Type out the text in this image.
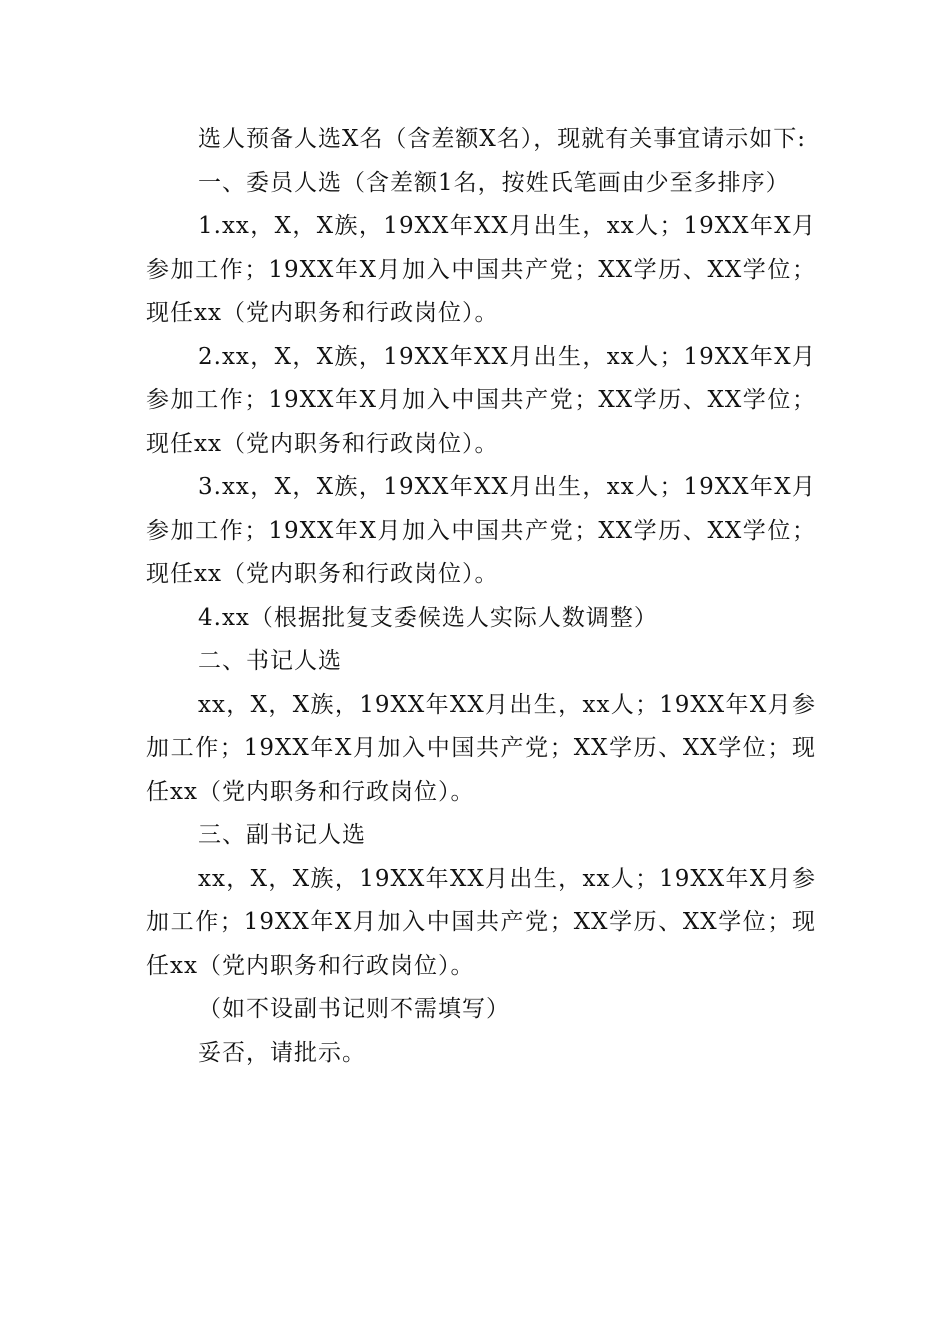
选人预备人选X名（含差额X名），现就有关事宜请示如下:

一、委员人选（含差额1名，按姓氏笔画由少至多排序）

1.xx，X，X族，19XX年XX月出生，xx人；19XX年X月参加工作；19XX年X月加入中国共产党；XX学历、XX学位；现任xx（党内职务和行政岗位）。

2.xx，X，X族，19XX年XX月出生，xx人；19XX年X月参加工作；19XX年X月加入中国共产党；XX学历、XX学位；现任xx（党内职务和行政岗位）。

3.xx，X，X族，19XX年XX月出生，xx人；19XX年X月参加工作；19XX年X月加入中国共产党；XX学历、XX学位；现任xx（党内职务和行政岗位）。

4.xx（根据批复支委候选人实际人数调整）

二、书记人选

xx，X，X族，19XX年XX月出生，xx人；19XX年X月参加工作；19XX年X月加入中国共产党；XX学历、XX学位；现任xx（党内职务和行政岗位）。

三、副书记人选

xx，X，X族，19XX年XX月出生，xx人；19XX年X月参加工作；19XX年X月加入中国共产党；XX学历、XX学位；现任xx（党内职务和行政岗位）。

（如不设副书记则不需填写）

妥否，请批示。
